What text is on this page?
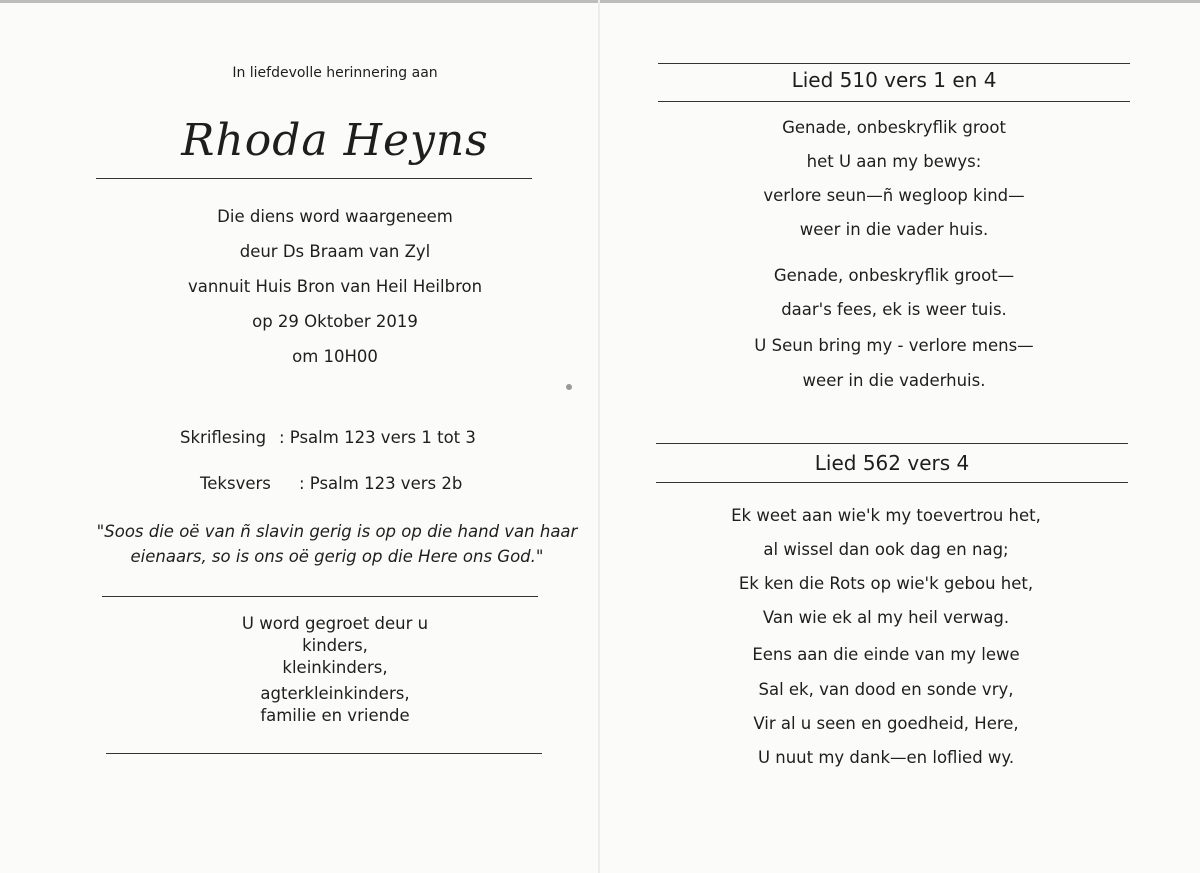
In liefdevolle herinnering aan
Rhoda Heyns
Die diens word waargeneem
deur Ds Braam van Zyl
vannuit Huis Bron van Heil Heilbron
op 29 Oktober 2019
om 10H00
Skriflesing : Psalm 123 vers 1 tot 3
Teksvers : Psalm 123 vers 2b
"Soos die oë van ñ slavin gerig is op op die hand van haar
eienaars, so is ons oë gerig op die Here ons God."
U word gegroet deur u
kinders,
kleinkinders,
agterkleinkinders,
familie en vriende
Lied 510 vers 1 en 4
Genade, onbeskryflik groot
het U aan my bewys:
verlore seun—ñ wegloop kind—
weer in die vader huis.
Genade, onbeskryflik groot—
daar's fees, ek is weer tuis.
U Seun bring my - verlore mens—
weer in die vaderhuis.
Lied 562 vers 4
Ek weet aan wie'k my toevertrou het,
al wissel dan ook dag en nag;
Ek ken die Rots op wie'k gebou het,
Van wie ek al my heil verwag.
Eens aan die einde van my lewe
Sal ek, van dood en sonde vry,
Vir al u seen en goedheid, Here,
U nuut my dank—en loflied wy.
